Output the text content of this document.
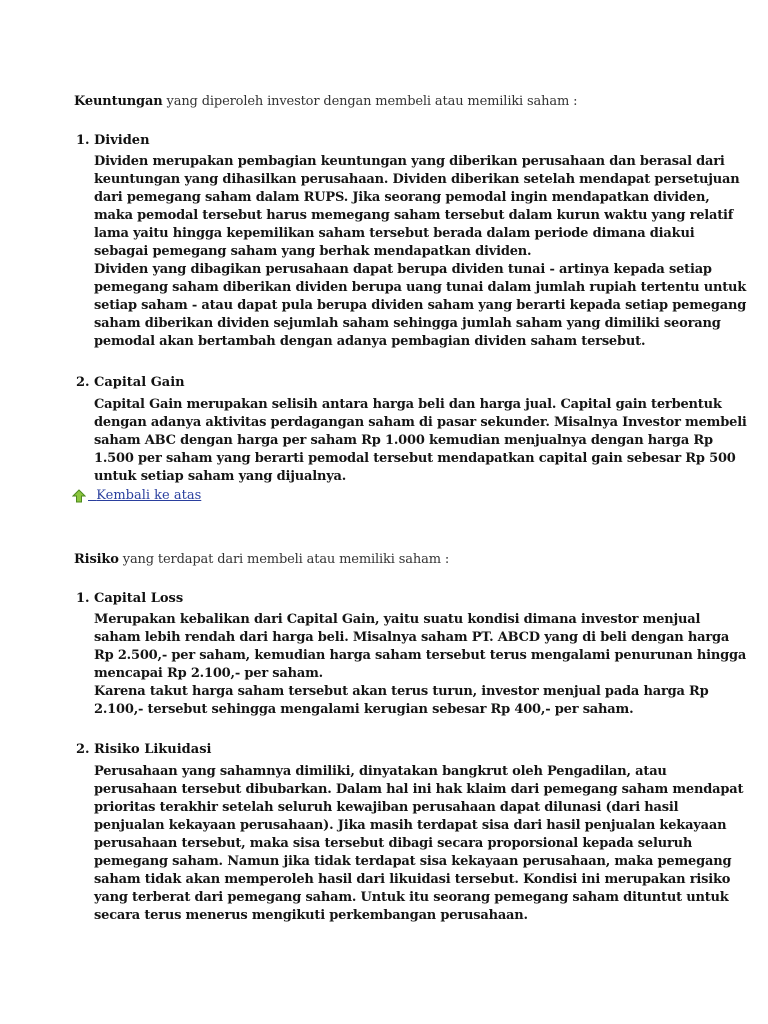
Keuntungan yang diperoleh investor dengan membeli atau memiliki saham :
1. Dividen
Dividen merupakan pembagian keuntungan yang diberikan perusahaan dan berasal dari
keuntungan yang dihasilkan perusahaan. Dividen diberikan setelah mendapat persetujuan
dari pemegang saham dalam RUPS. Jika seorang pemodal ingin mendapatkan dividen,
maka pemodal tersebut harus memegang saham tersebut dalam kurun waktu yang relatif
lama yaitu hingga kepemilikan saham tersebut berada dalam periode dimana diakui
sebagai pemegang saham yang berhak mendapatkan dividen.
Dividen yang dibagikan perusahaan dapat berupa dividen tunai - artinya kepada setiap
pemegang saham diberikan dividen berupa uang tunai dalam jumlah rupiah tertentu untuk
setiap saham - atau dapat pula berupa dividen saham yang berarti kepada setiap pemegang
saham diberikan dividen sejumlah saham sehingga jumlah saham yang dimiliki seorang
pemodal akan bertambah dengan adanya pembagian dividen saham tersebut.
2. Capital Gain
Capital Gain merupakan selisih antara harga beli dan harga jual. Capital gain terbentuk
dengan adanya aktivitas perdagangan saham di pasar sekunder. Misalnya Investor membeli
saham ABC dengan harga per saham Rp 1.000 kemudian menjualnya dengan harga Rp
1.500 per saham yang berarti pemodal tersebut mendapatkan capital gain sebesar Rp 500
untuk setiap saham yang dijualnya.
Kembali ke atas
Risiko yang terdapat dari membeli atau memiliki saham :
1. Capital Loss
Merupakan kebalikan dari Capital Gain, yaitu suatu kondisi dimana investor menjual
saham lebih rendah dari harga beli. Misalnya saham PT. ABCD yang di beli dengan harga
Rp 2.500,- per saham, kemudian harga saham tersebut terus mengalami penurunan hingga
mencapai Rp 2.100,- per saham.
Karena takut harga saham tersebut akan terus turun, investor menjual pada harga Rp
2.100,- tersebut sehingga mengalami kerugian sebesar Rp 400,- per saham.
2. Risiko Likuidasi
Perusahaan yang sahamnya dimiliki, dinyatakan bangkrut oleh Pengadilan, atau
perusahaan tersebut dibubarkan. Dalam hal ini hak klaim dari pemegang saham mendapat
prioritas terakhir setelah seluruh kewajiban perusahaan dapat dilunasi (dari hasil
penjualan kekayaan perusahaan). Jika masih terdapat sisa dari hasil penjualan kekayaan
perusahaan tersebut, maka sisa tersebut dibagi secara proporsional kepada seluruh
pemegang saham. Namun jika tidak terdapat sisa kekayaan perusahaan, maka pemegang
saham tidak akan memperoleh hasil dari likuidasi tersebut. Kondisi ini merupakan risiko
yang terberat dari pemegang saham. Untuk itu seorang pemegang saham dituntut untuk
secara terus menerus mengikuti perkembangan perusahaan.
